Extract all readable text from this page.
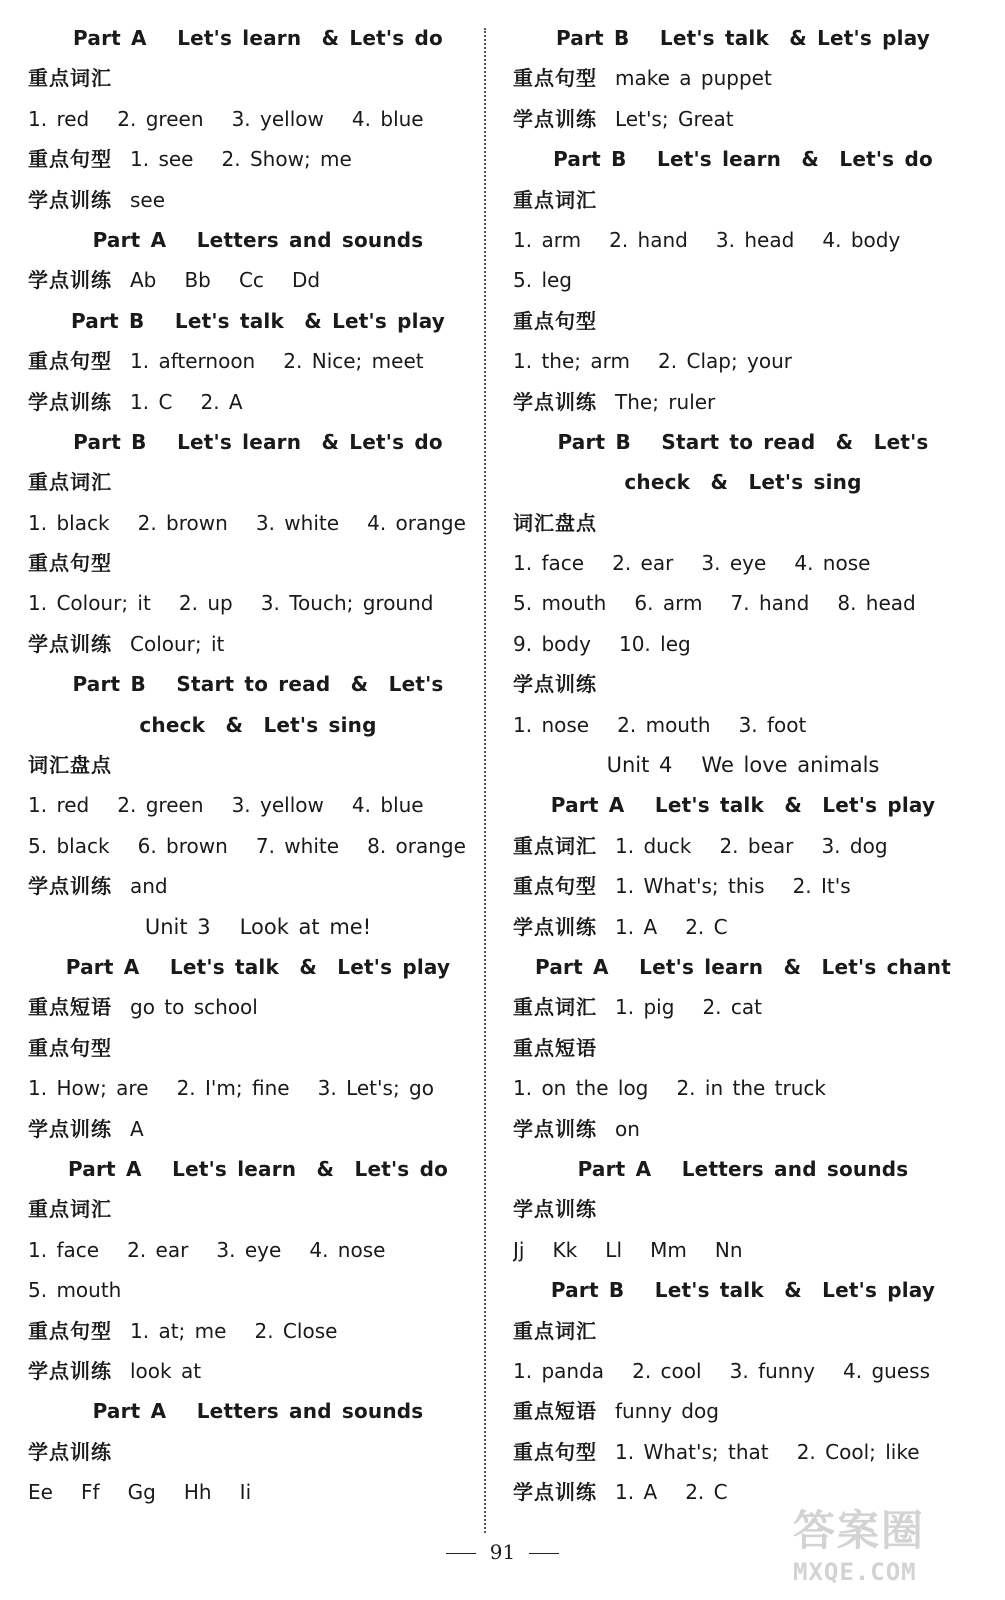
Part A   Let's learn  & Let's do
重点词汇
1. red   2. green   3. yellow   4. blue
重点句型 1. see   2. Show; me
学点训练 see
Part A   Letters and sounds
学点训练 Ab   Bb   Cc   Dd
Part B   Let's talk  & Let's play
重点句型 1. afternoon   2. Nice; meet
学点训练 1. C   2. A
Part B   Let's learn  & Let's do
重点词汇
1. black   2. brown   3. white   4. orange
重点句型
1. Colour; it   2. up   3. Touch; ground
学点训练 Colour; it
Part B   Start to read  &  Let's
check  &  Let's sing
词汇盘点
1. red   2. green   3. yellow   4. blue
5. black   6. brown   7. white   8. orange
学点训练 and
Unit 3   Look at me!
Part A   Let's talk  &  Let's play
重点短语 go to school
重点句型
1. How; are   2. I'm; fine   3. Let's; go
学点训练 A
Part A   Let's learn  &  Let's do
重点词汇
1. face   2. ear   3. eye   4. nose
5. mouth
重点句型 1. at; me   2. Close
学点训练 look at
Part A   Letters and sounds
学点训练
Ee   Ff   Gg   Hh   Ii
Part B   Let's talk  & Let's play
重点句型 make a puppet
学点训练 Let's; Great
Part B   Let's learn  &  Let's do
重点词汇
1. arm   2. hand   3. head   4. body
5. leg
重点句型
1. the; arm   2. Clap; your
学点训练 The; ruler
Part B   Start to read  &  Let's
check  &  Let's sing
词汇盘点
1. face   2. ear   3. eye   4. nose
5. mouth   6. arm   7. hand   8. head
9. body   10. leg
学点训练
1. nose   2. mouth   3. foot
Unit 4   We love animals
Part A   Let's talk  &  Let's play
重点词汇 1. duck   2. bear   3. dog
重点句型 1. What's; this   2. It's
学点训练 1. A   2. C
Part A   Let's learn  &  Let's chant
重点词汇 1. pig   2. cat
重点短语
1. on the log   2. in the truck
学点训练 on
Part A   Letters and sounds
学点训练
Jj   Kk   Ll   Mm   Nn
Part B   Let's talk  &  Let's play
重点词汇
1. panda   2. cool   3. funny   4. guess
重点短语 funny dog
重点句型 1. What's; that   2. Cool; like
学点训练 1. A   2. C
91	答案圈
MXQE.COM
